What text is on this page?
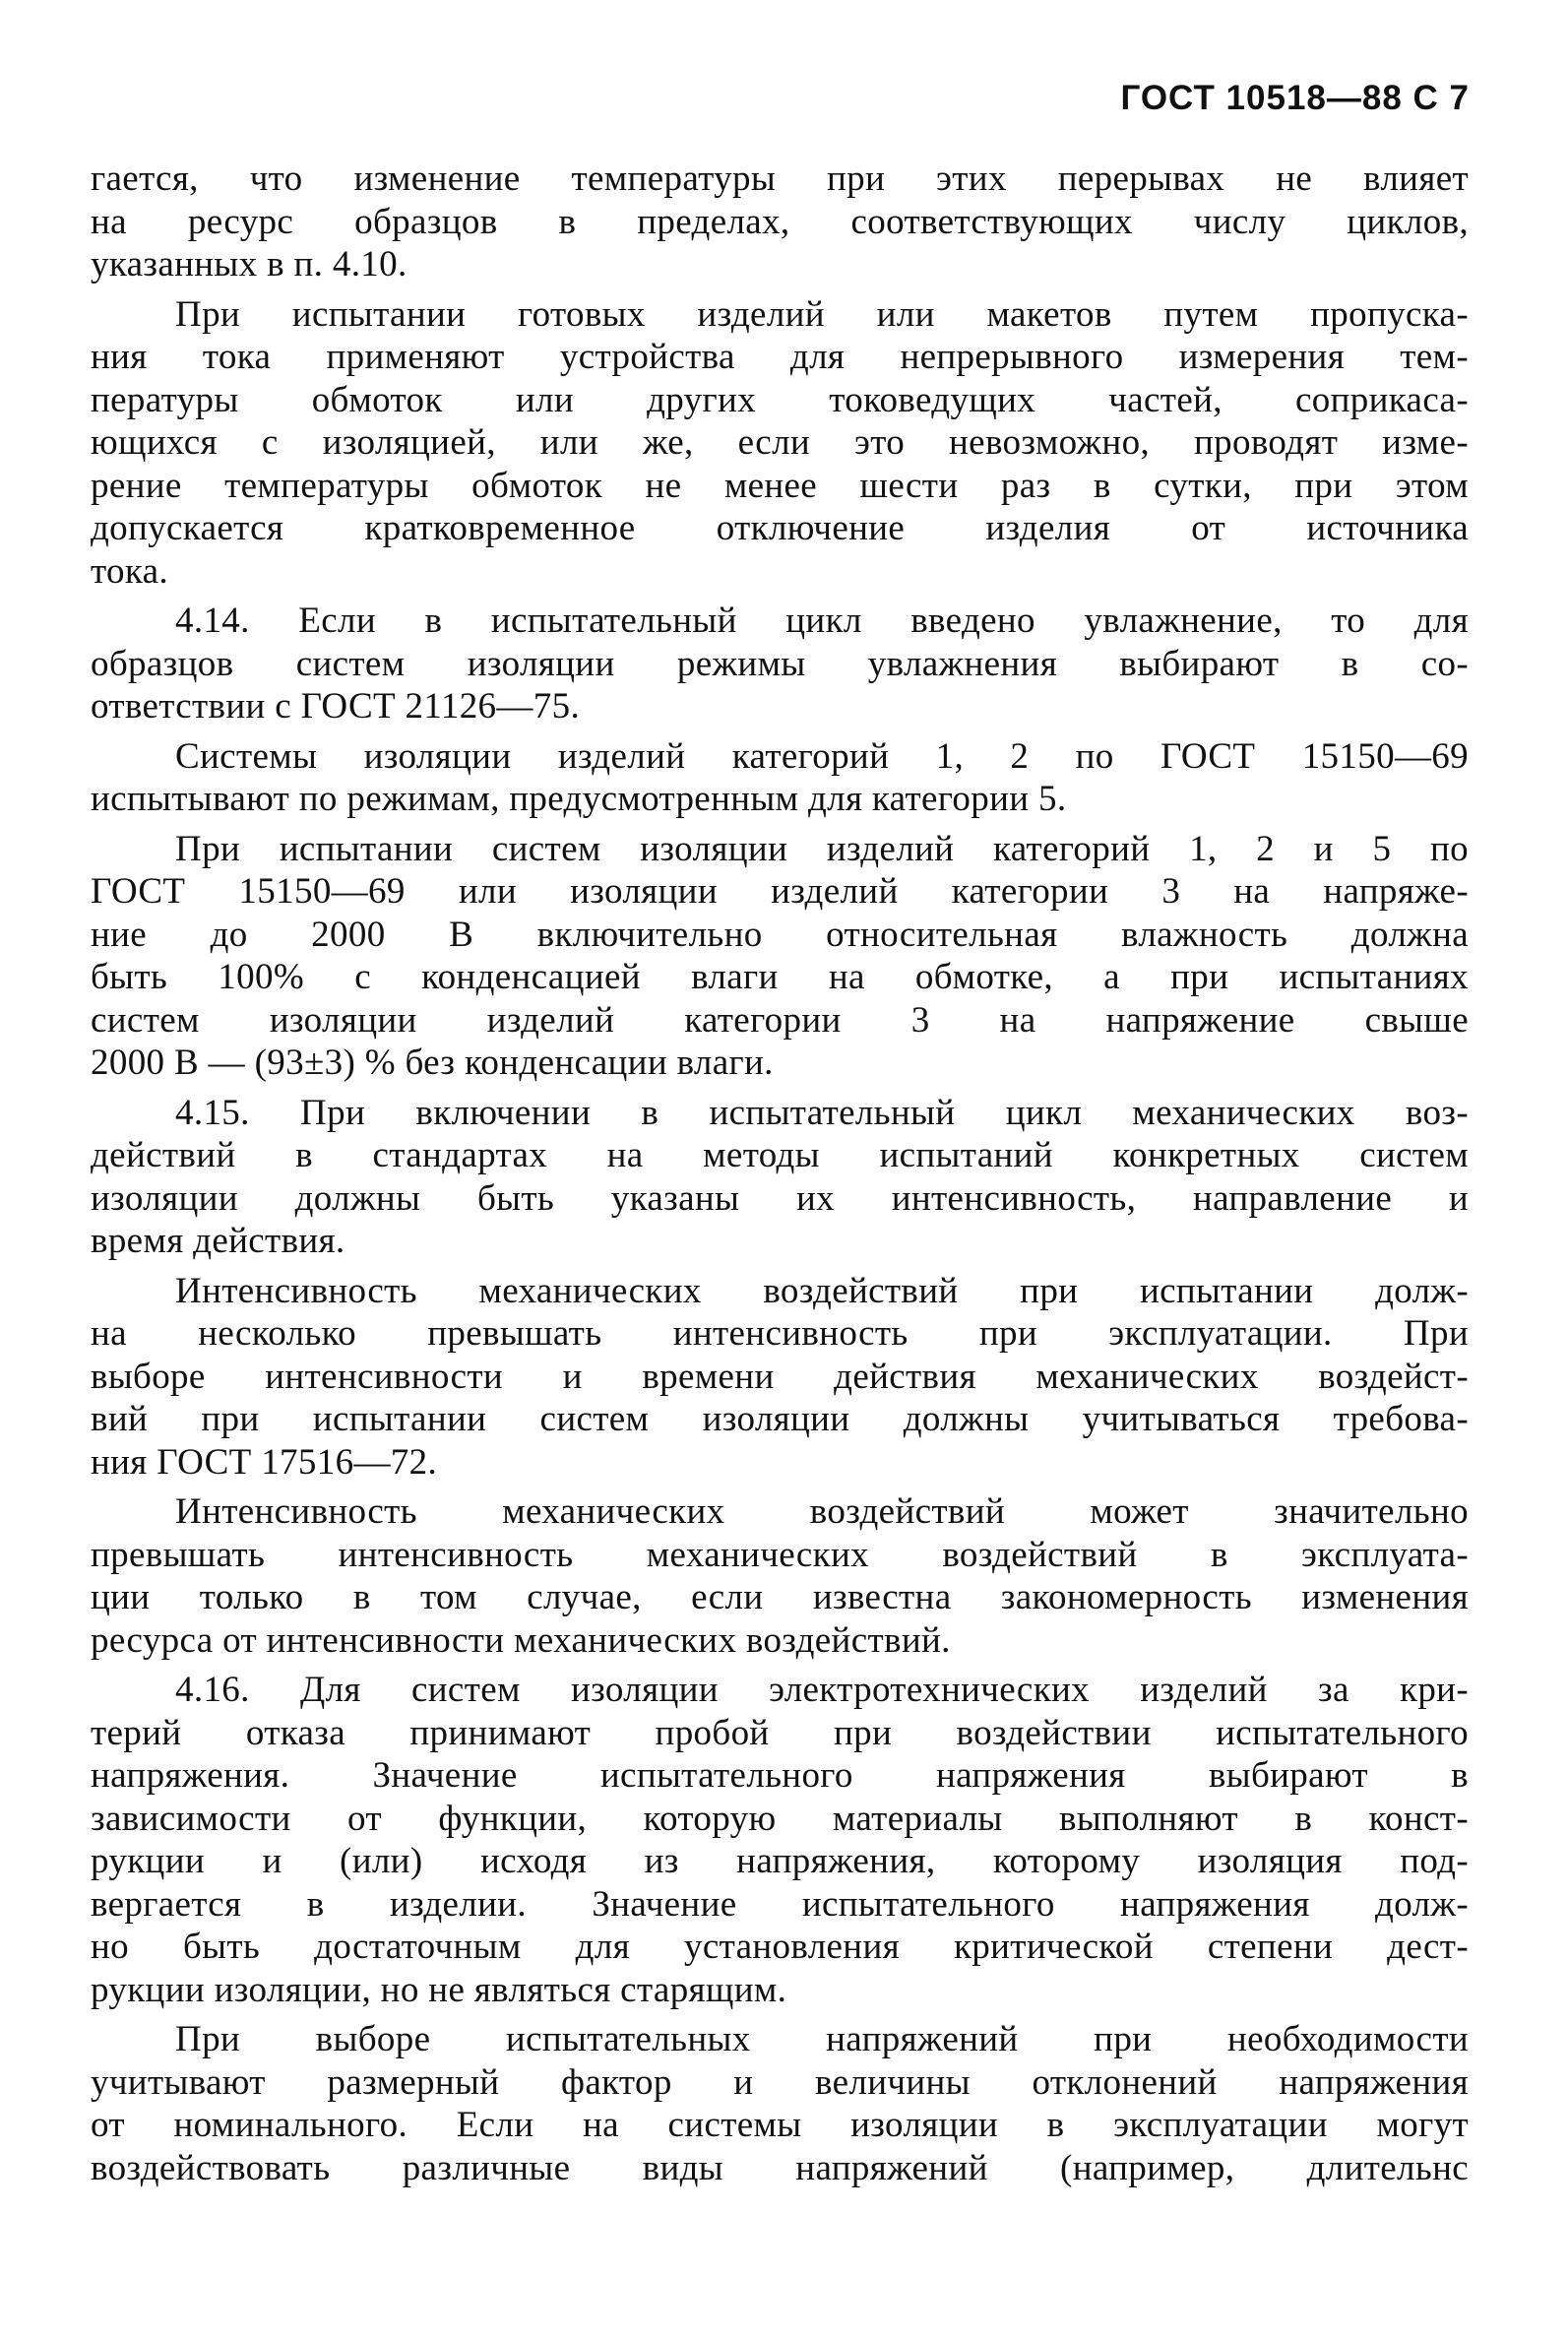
ГОСТ 10518—88 С 7
гается, что изменение температуры при этих перерывах не влияет
на ресурс образцов в пределах, соответствующих числу циклов,
указанных в п. 4.10.
При испытании готовых изделий или макетов путем пропуска-
ния тока применяют устройства для непрерывного измерения тем-
пературы обмоток или других токоведущих частей, соприкаса-
ющихся с изоляцией, или же, если это невозможно, проводят изме-
рение температуры обмоток не менее шести раз в сутки, при этом
допускается кратковременное отключение изделия от источника
тока.
4.14. Если в испытательный цикл введено увлажнение, то для
образцов систем изоляции режимы увлажнения выбирают в со-
ответствии с ГОСТ 21126—75.
Системы изоляции изделий категорий 1, 2 по ГОСТ 15150—69
испытывают по режимам, предусмотренным для категории 5.
При испытании систем изоляции изделий категорий 1, 2 и 5 по
ГОСТ 15150—69 или изоляции изделий категории 3 на напряже-
ние до 2000 В включительно относительная влажность должна
быть 100% с конденсацией влаги на обмотке, а при испытаниях
систем изоляции изделий категории 3 на напряжение свыше
2000 В — (93±3) % без конденсации влаги.
4.15. При включении в испытательный цикл механических воз-
действий в стандартах на методы испытаний конкретных систем
изоляции должны быть указаны их интенсивность, направление и
время действия.
Интенсивность механических воздействий при испытании долж-
на несколько превышать интенсивность при эксплуатации. При
выборе интенсивности и времени действия механических воздейст-
вий при испытании систем изоляции должны учитываться требова-
ния ГОСТ 17516—72.
Интенсивность механических воздействий может значительно
превышать интенсивность механических воздействий в эксплуата-
ции только в том случае, если известна закономерность изменения
ресурса от интенсивности механических воздействий.
4.16. Для систем изоляции электротехнических изделий за кри-
терий отказа принимают пробой при воздействии испытательного
напряжения. Значение испытательного напряжения выбирают в
зависимости от функции, которую материалы выполняют в конст-
рукции и (или) исходя из напряжения, которому изоляция под-
вергается в изделии. Значение испытательного напряжения долж-
но быть достаточным для установления критической степени дест-
рукции изоляции, но не являться старящим.
При выборе испытательных напряжений при необходимости
учитывают размерный фактор и величины отклонений напряжения
от номинального. Если на системы изоляции в эксплуатации могут
воздействовать различные виды напряжений (например, длительнс
